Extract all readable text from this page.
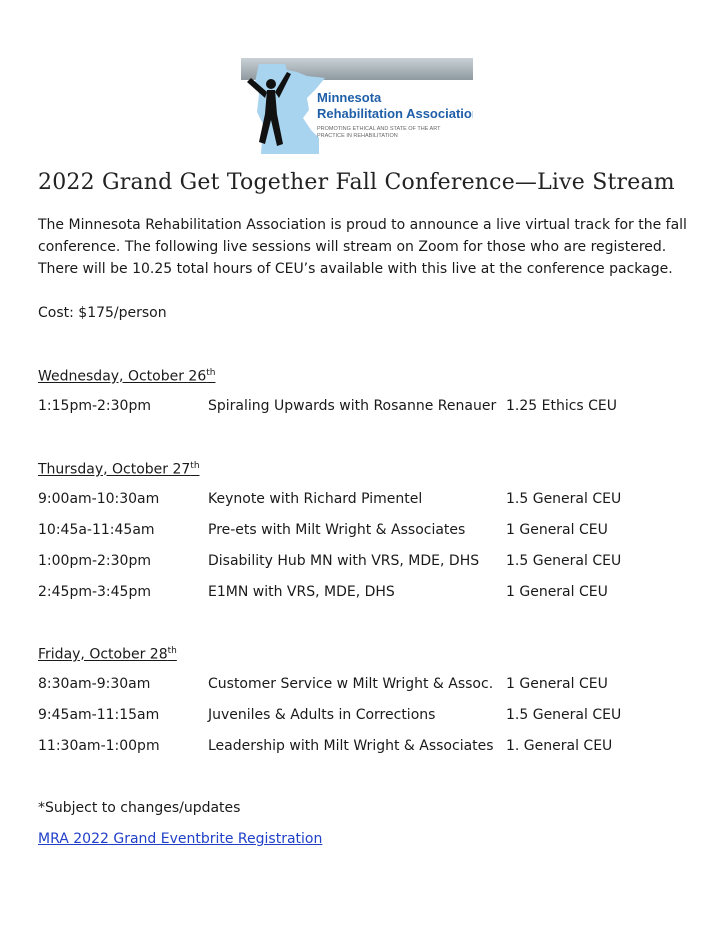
Minnesota
Rehabilitation Association
PROMOTING ETHICAL AND STATE OF THE ART
PRACTICE IN REHABILITATION
2022 Grand Get Together Fall Conference—Live Stream
The Minnesota Rehabilitation Association is proud to announce a live virtual track for the fall conference. The following live sessions will stream on Zoom for those who are registered. There will be 10.25 total hours of CEU’s available with this live at the conference package.
Cost: $175/person
Wednesday, October 26th
1:15pm-2:30pm	Spiraling Upwards with Rosanne Renauer 1.25 Ethics CEU
Thursday, October 27th
9:00am-10:30am	Keynote with Richard Pimentel	1.5 General CEU
10:45a-11:45am	Pre-ets with Milt Wright & Associates	1 General CEU
1:00pm-2:30pm	Disability Hub MN with VRS, MDE, DHS 1.5 General CEU
2:45pm-3:45pm	E1MN with VRS, MDE, DHS	1 General CEU
Friday, October 28th
8:30am-9:30am	Customer Service w Milt Wright & Assoc. 1 General CEU
9:45am-11:15am	Juveniles & Adults in Corrections	1.5 General CEU
11:30am-1:00pm	Leadership with Milt Wright & Associates 1. General CEU
*Subject to changes/updates
MRA 2022 Grand Eventbrite Registration
